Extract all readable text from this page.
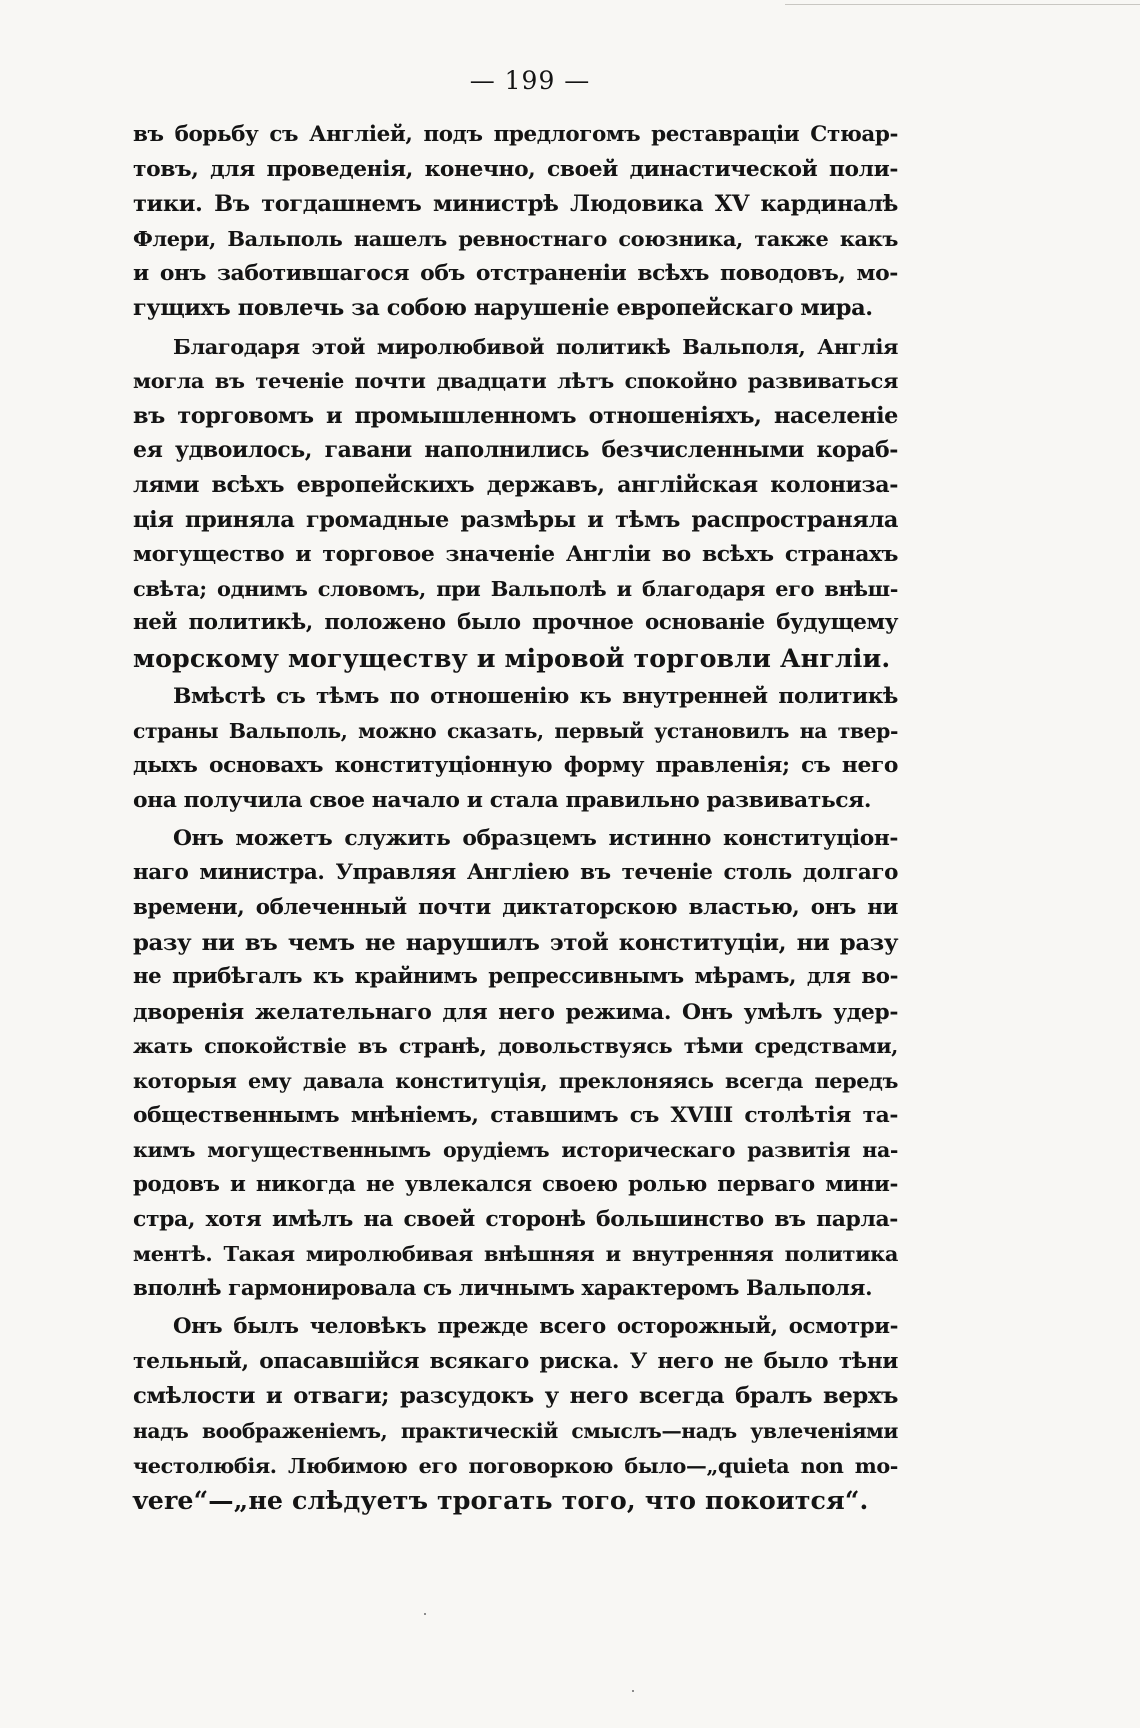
— 199 —

въ борьбу съ Англіей, подъ предлогомъ реставраціи Стюар-
товъ, для проведенія, конечно, своей династической поли-
тики. Въ тогдашнемъ министрѣ Людовика XV кардиналѣ
Флери, Вальполь нашелъ ревностнаго союзника, также какъ
и онъ заботившагося объ отстраненіи всѣхъ поводовъ, мо-
гущихъ повлечь за собою нарушеніе европейскаго мира.

Благодаря этой миролюбивой политикѣ Вальполя, Англія
могла въ теченіе почти двадцати лѣтъ спокойно развиваться
въ торговомъ и промышленномъ отношеніяхъ, населеніе
ея удвоилось, гавани наполнились безчисленными кораб-
лями всѣхъ европейскихъ державъ, англійская колониза-
ція приняла громадные размѣры и тѣмъ распространяла
могущество и торговое значеніе Англіи во всѣхъ странахъ
свѣта; однимъ словомъ, при Вальполѣ и благодаря его внѣш-
ней политикѣ, положено было прочное основаніе будущему
морскому могуществу и міровой торговли Англіи.

Вмѣстѣ съ тѣмъ по отношенію къ внутренней политикѣ
страны Вальполь, можно сказать, первый установилъ на твер-
дыхъ основахъ конституціонную форму правленія; съ него
она получила свое начало и стала правильно развиваться.

Онъ можетъ служить образцемъ истинно конституціон-
наго министра. Управляя Англіею въ теченіе столь долгаго
времени, облеченный почти диктаторскою властью, онъ ни
разу ни въ чемъ не нарушилъ этой конституціи, ни разу
не прибѣгалъ къ крайнимъ репрессивнымъ мѣрамъ, для во-
дворенія желательнаго для него режима. Онъ умѣлъ удер-
жать спокойствіе въ странѣ, довольствуясь тѣми средствами,
которыя ему давала конституція, преклоняясь всегда передъ
общественнымъ мнѣніемъ, ставшимъ съ XVIII столѣтія та-
кимъ могущественнымъ орудіемъ историческаго развитія на-
родовъ и никогда не увлекался своею ролью перваго мини-
стра, хотя имѣлъ на своей сторонѣ большинство въ парла-
ментѣ. Такая миролюбивая внѣшняя и внутренняя политика
вполнѣ гармонировала съ личнымъ характеромъ Вальполя.

Онъ былъ человѣкъ прежде всего осторожный, осмотри-
тельный, опасавшійся всякаго риска. У него не было тѣни
смѣлости и отваги; разсудокъ у него всегда бралъ верхъ
надъ воображеніемъ, практическій смыслъ—надъ увлеченіями
честолюбія. Любимою его поговоркою было—„quieta non mo-
vere“—„не слѣдуетъ трогать того, что покоится“.
